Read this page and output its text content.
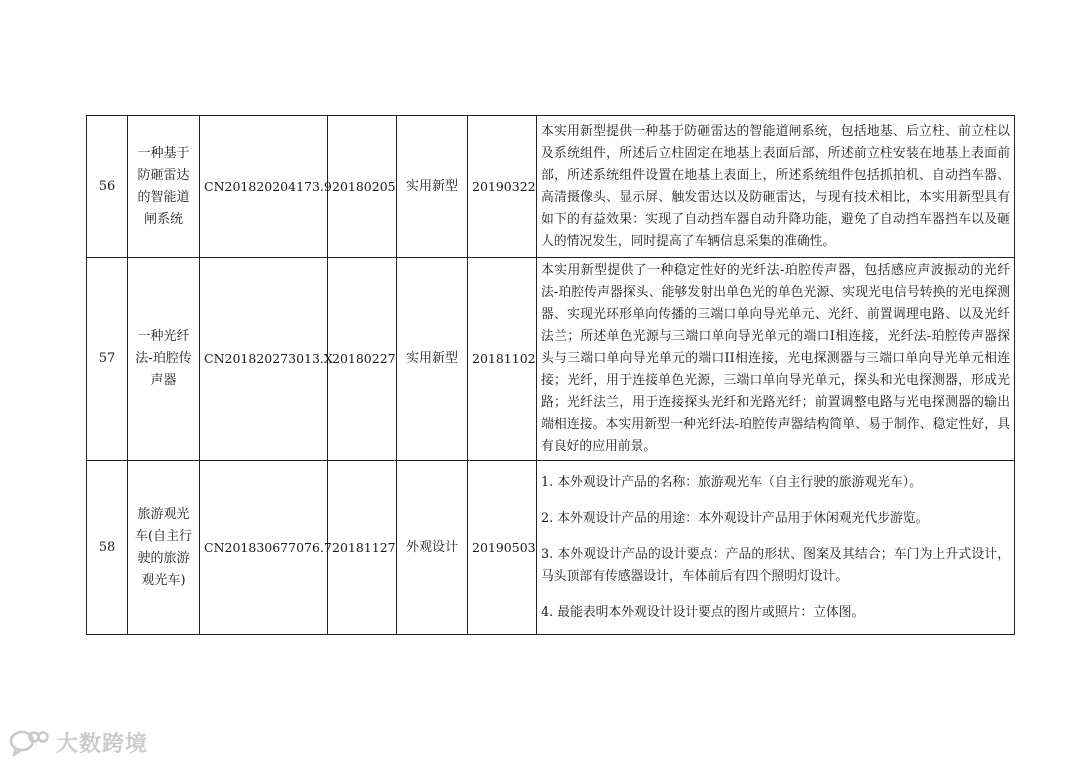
56	一种基于防砸雷达的智能道闸系统	CN201820204173.9	20180205	实用新型	20190322	本实用新型提供一种基于防砸雷达的智能道闸系统，包括地基、后立柱、前立柱以及系统组件，所述后立柱固定在地基上表面后部，所述前立柱安装在地基上表面前部，所述系统组件设置在地基上表面上，所述系统组件包括抓拍机、自动挡车器、高清摄像头、显示屏、触发雷达以及防砸雷达，与现有技术相比，本实用新型具有如下的有益效果：实现了自动挡车器自动升降功能，避免了自动挡车器挡车以及砸人的情况发生，同时提高了车辆信息采集的准确性。

57	一种光纤法-珀腔传声器	CN201820273013.X	20180227	实用新型	20181102	本实用新型提供了一种稳定性好的光纤法-珀腔传声器，包括感应声波振动的光纤法-珀腔传声器探头、能够发射出单色光的单色光源、实现光电信号转换的光电探测器、实现光环形单向传播的三端口单向导光单元、光纤、前置调理电路、以及光纤法兰；所述单色光源与三端口单向导光单元的端口I相连接，光纤法-珀腔传声器探头与三端口单向导光单元的端口II相连接，光电探测器与三端口单向导光单元相连接；光纤，用于连接单色光源，三端口单向导光单元，探头和光电探测器，形成光路；光纤法兰，用于连接探头光纤和光路光纤；前置调整电路与光电探测器的输出端相连接。本实用新型一种光纤法-珀腔传声器结构简单、易于制作、稳定性好，具有良好的应用前景。

58	旅游观光车(自主行驶的旅游观光车)	CN201830677076.7	20181127	外观设计	20190503	1. 本外观设计产品的名称：旅游观光车（自主行驶的旅游观光车）。
2. 本外观设计产品的用途：本外观设计产品用于休闲观光代步游览。
3. 本外观设计产品的设计要点：产品的形状、图案及其结合；车门为上升式设计，马头顶部有传感器设计，车体前后有四个照明灯设计。
4. 最能表明本外观设计设计要点的图片或照片：立体图。
大数跨境
